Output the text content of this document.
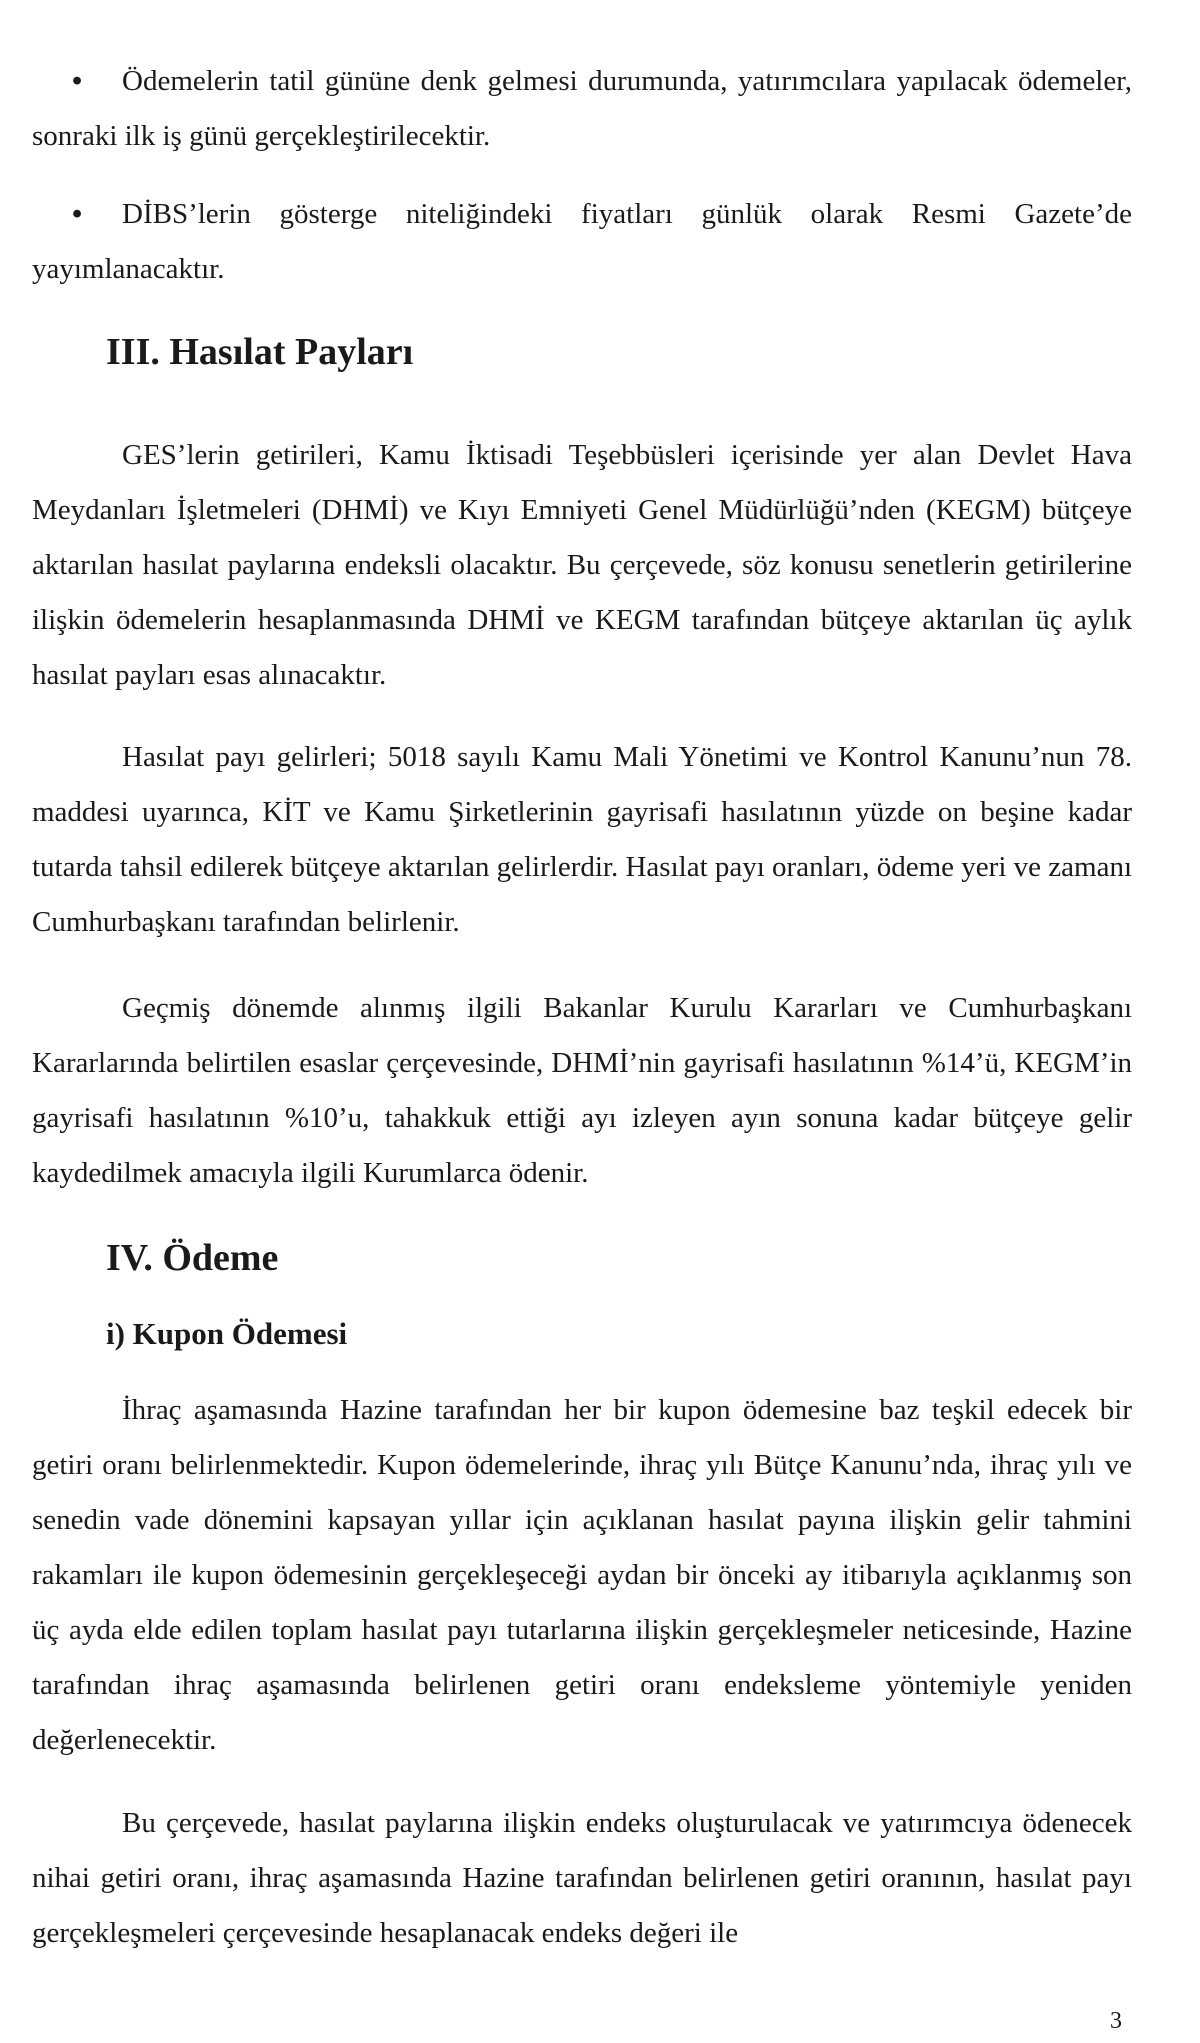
• Ödemelerin tatil gününe denk gelmesi durumunda, yatırımcılara yapılacak ödemeler, sonraki ilk iş günü gerçekleştirilecektir.

• DİBS’lerin gösterge niteliğindeki fiyatları günlük olarak Resmi Gazete’de yayımlanacaktır.

III. Hasılat Payları

GES’lerin getirileri, Kamu İktisadi Teşebbüsleri içerisinde yer alan Devlet Hava Meydanları İşletmeleri (DHMİ) ve Kıyı Emniyeti Genel Müdürlüğü’nden (KEGM) bütçeye aktarılan hasılat paylarına endeksli olacaktır. Bu çerçevede, söz konusu senetlerin getirilerine ilişkin ödemelerin hesaplanmasında DHMİ ve KEGM tarafından bütçeye aktarılan üç aylık hasılat payları esas alınacaktır.

Hasılat payı gelirleri; 5018 sayılı Kamu Mali Yönetimi ve Kontrol Kanunu’nun 78. maddesi uyarınca, KİT ve Kamu Şirketlerinin gayrisafi hasılatının yüzde on beşine kadar tutarda tahsil edilerek bütçeye aktarılan gelirlerdir. Hasılat payı oranları, ödeme yeri ve zamanı Cumhurbaşkanı tarafından belirlenir.

Geçmiş dönemde alınmış ilgili Bakanlar Kurulu Kararları ve Cumhurbaşkanı Kararlarında belirtilen esaslar çerçevesinde, DHMİ’nin gayrisafi hasılatının %14’ü, KEGM’in gayrisafi hasılatının %10’u, tahakkuk ettiği ayı izleyen ayın sonuna kadar bütçeye gelir kaydedilmek amacıyla ilgili Kurumlarca ödenir.

IV. Ödeme
i) Kupon Ödemesi

İhraç aşamasında Hazine tarafından her bir kupon ödemesine baz teşkil edecek bir getiri oranı belirlenmektedir. Kupon ödemelerinde, ihraç yılı Bütçe Kanunu’nda, ihraç yılı ve senedin vade dönemini kapsayan yıllar için açıklanan hasılat payına ilişkin gelir tahmini rakamları ile kupon ödemesinin gerçekleşeceği aydan bir önceki ay itibarıyla açıklanmış son üç ayda elde edilen toplam hasılat payı tutarlarına ilişkin gerçekleşmeler neticesinde, Hazine tarafından ihraç aşamasında belirlenen getiri oranı endeksleme yöntemiyle yeniden değerlenecektir.

Bu çerçevede, hasılat paylarına ilişkin endeks oluşturulacak ve yatırımcıya ödenecek nihai getiri oranı, ihraç aşamasında Hazine tarafından belirlenen getiri oranının, hasılat payı gerçekleşmeleri çerçevesinde hesaplanacak endeks değeri ile

3
